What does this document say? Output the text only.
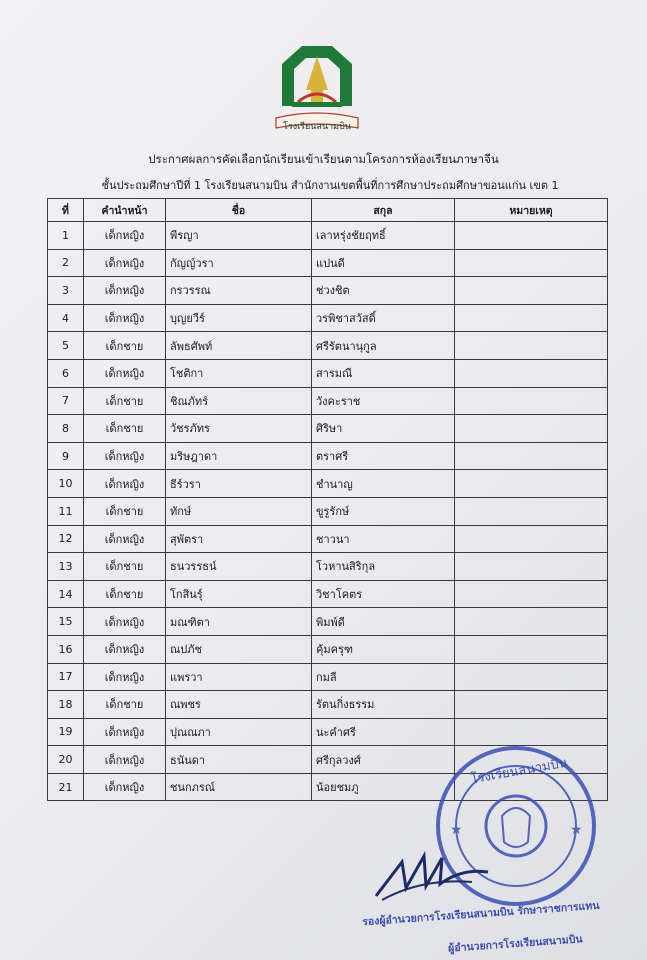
โรงเรียนสนามบิน
ประกาศผลการคัดเลือกนักเรียนเข้าเรียนตามโครงการห้องเรียนภาษาจีน
ชั้นประถมศึกษาปีที่ 1 โรงเรียนสนามบิน สำนักงานเขตพื้นที่การศึกษาประถมศึกษาขอนแก่น เขต 1
ที่	คำนำหน้า	ชื่อ	สกุล	หมายเหตุ
1	เด็กหญิง	พีรญา	เลาหรุ่งชัยฤทธิ์	
2	เด็กหญิง	กัญญ์วรา	แปนดี	
3	เด็กหญิง	กรวรรณ	ช่วงชิต	
4	เด็กหญิง	บุญยวีร์	วรพิชาสวัสดิ์	
5	เด็กชาย	ลัพธศัพท์	ศรีรัตนานุกูล	
6	เด็กหญิง	โชติกา	สารมณี	
7	เด็กชาย	ชิณภัทร์	วังคะราช	
8	เด็กชาย	วัชรภัทร	ศิริษา	
9	เด็กหญิง	มริษฎาดา	ตราศรี	
10	เด็กหญิง	ธีร์วรา	ชำนาญ	
11	เด็กชาย	ทักษ์	ขูรูรักษ์	
12	เด็กหญิง	สุพัตรา	ชาวนา	
13	เด็กชาย	ธนวรรธน์	โวหานสิริกุล	
14	เด็กชาย	โกสินรุ์	วิชาโคตร	
15	เด็กหญิง	มณฑิตา	พิมพ์ดี	
16	เด็กหญิง	ณปภัช	คุ้มครุฑ	
17	เด็กหญิง	แพรวา	กมลี	
18	เด็กชาย	ณพชร	รัตนกิ่งธรรม	
19	เด็กหญิง	ปุณณภา	นะคำศรี	
20	เด็กหญิง	ธนันดา	ศรีกุลวงศ์	
21	เด็กหญิง	ชนกภรณ์	น้อยชมภู	
★	★
โรงเรียนสนามบิน
รองผู้อำนวยการโรงเรียนสนามบิน รักษาราชการแทน
ผู้อำนวยการโรงเรียนสนามบิน
